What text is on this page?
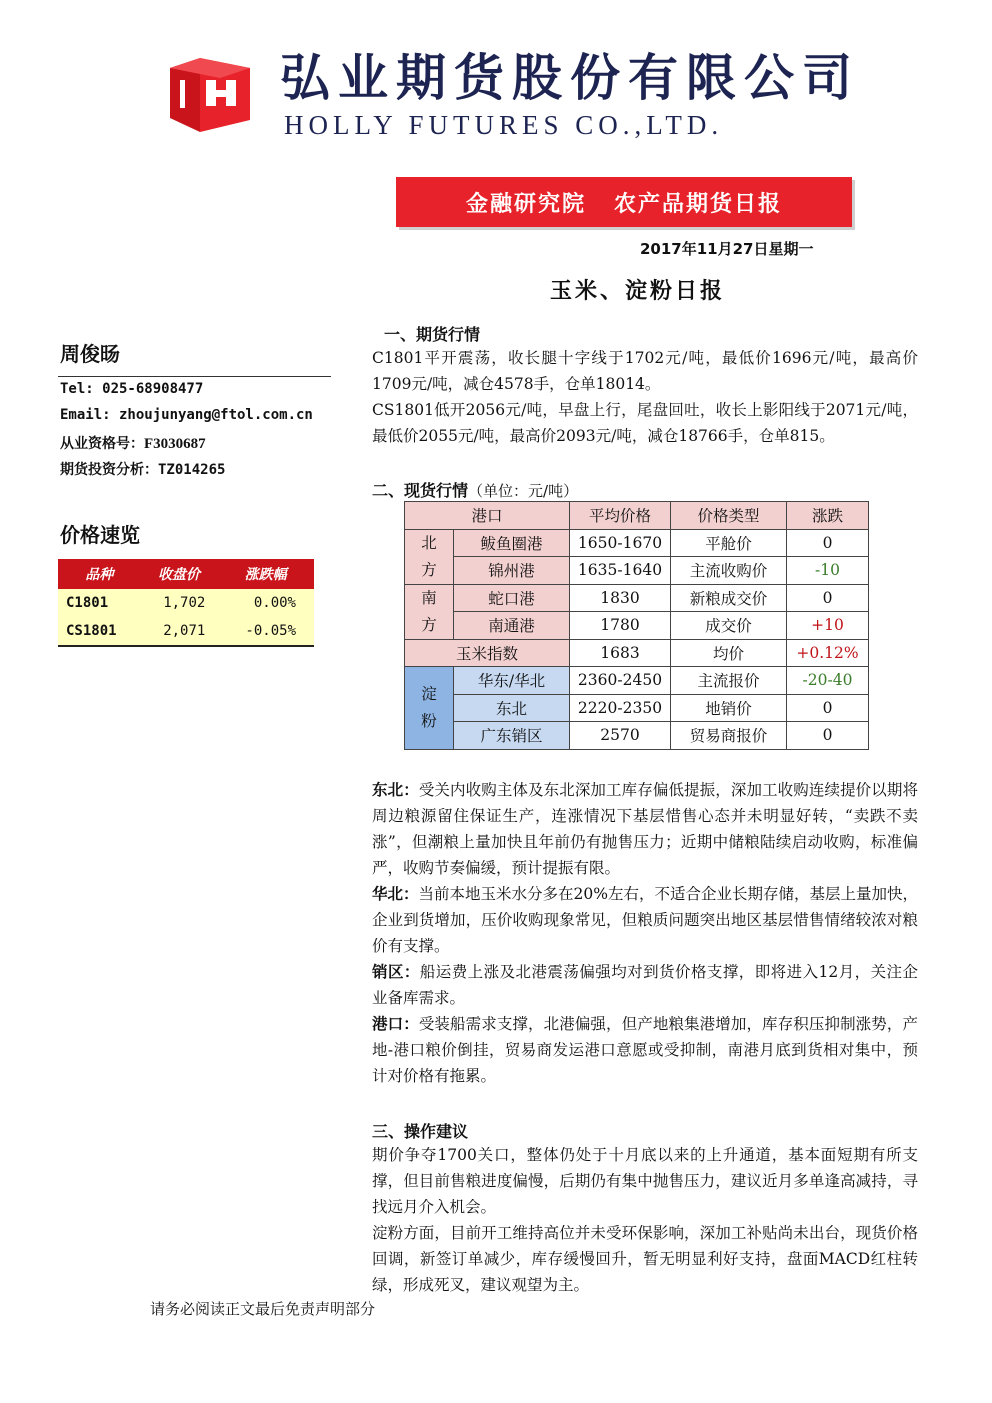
弘业期货股份有限公司
HOLLY FUTURES CO.,LTD.
金融研究院 农产品期货日报
2017年11月27日星期一
玉米、淀粉日报
周俊旸
Tel: 025-68908477
Email: zhoujunyang@ftol.com.cn
从业资格号：F3030687
期货投资分析：TZ014265
价格速览
品种	收盘价	涨跌幅
C1801	1,702	0.00%
CS1801	2,071	-0.05%
一、期货行情

C1801平开震荡，收长腿十字线于1702元/吨，最低价1696元/吨，最高价1709元/吨，减仓4578手，仓单18014。

CS1801低开2056元/吨，早盘上行，尾盘回吐，收长上影阳线于2071元/吨，最低价2055元/吨，最高价2093元/吨，减仓18766手，仓单815。

二、现货行情（单位：元/吨）
港口		平均价格	价格类型	涨跌
北方	鲅鱼圈港	1650-1670	平舱价	0
	锦州港	1635-1640	主流收购价	-10
南方	蛇口港	1830	新粮成交价	0
	南通港	1780	成交价	+10
玉米指数		1683	均价	+0.12%
淀粉	华东/华北	2360-2450	主流报价	-20-40
	东北	2220-2350	地销价	0
	广东销区	2570	贸易商报价	0

东北：受关内收购主体及东北深加工库存偏低提振，深加工收购连续提价以期将周边粮源留住保证生产，连涨情况下基层惜售心态并未明显好转，“卖跌不卖涨”，但潮粮上量加快且年前仍有抛售压力；近期中储粮陆续启动收购，标准偏严，收购节奏偏缓，预计提振有限。

华北：当前本地玉米水分多在20%左右，不适合企业长期存储，基层上量加快，企业到货增加，压价收购现象常见，但粮质问题突出地区基层惜售情绪较浓对粮价有支撑。

销区：船运费上涨及北港震荡偏强均对到货价格支撑，即将进入12月，关注企业备库需求。

港口：受装船需求支撑，北港偏强，但产地粮集港增加，库存积压抑制涨势，产地-港口粮价倒挂，贸易商发运港口意愿或受抑制，南港月底到货相对集中，预计对价格有拖累。

三、操作建议

期价争夺1700关口，整体仍处于十月底以来的上升通道，基本面短期有所支撑，但目前售粮进度偏慢，后期仍有集中抛售压力，建议近月多单逢高减持，寻找远月介入机会。

淀粉方面，目前开工维持高位并未受环保影响，深加工补贴尚未出台，现货价格回调，新签订单减少，库存缓慢回升，暂无明显利好支持，盘面MACD红柱转绿，形成死叉，建议观望为主。

请务必阅读正文最后免责声明部分
